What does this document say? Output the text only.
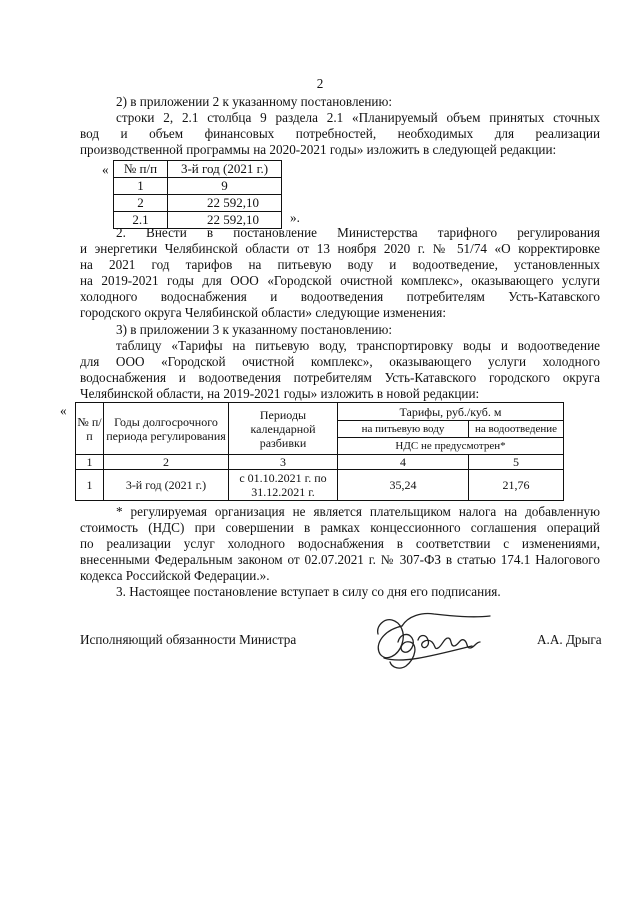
2
2) в приложении 2 к указанному постановлению:
строки 2, 2.1 столбца 9 раздела 2.1 «Планируемый объем принятых сточных
вод и объем финансовых потребностей, необходимых для реализации
производственной программы на 2020-2021 годы» изложить в следующей редакции:
« № п/п	3-й год (2021 г.)
1	9
2	22 592,10
2.1	22 592,10 ».
2. Внести в постановление Министерства тарифного регулирования
и энергетики Челябинской области от 13 ноября 2020 г. № 51/74 «О корректировке
на 2021 год тарифов на питьевую воду и водоотведение, установленных
на 2019-2021 годы для ООО «Городской очистной комплекс», оказывающего услуги
холодного водоснабжения и водоотведения потребителям Усть-Катавского
городского округа Челябинской области» следующие изменения:
3) в приложении 3 к указанному постановлению:
таблицу «Тарифы на питьевую воду, транспортировку воды и водоотведение
для ООО «Городской очистной комплекс», оказывающего услуги холодного
водоснабжения и водоотведения потребителям Усть-Катавского городского округа
Челябинской области, на 2019-2021 годы» изложить в новой редакции:
«
№ п/п	Годы долгосрочного периода регулирования	Периоды календарной разбивки	Тарифы, руб./куб. м	
			на питьевую воду	на водоотведение
			НДС не предусмотрен*	
1	2	3	4	5
1	3-й год (2021 г.)	с 01.10.2021 г. по 31.12.2021 г.	35,24	21,76
* регулируемая организация не является плательщиком налога на добавленную
стоимость (НДС) при совершении в рамках концессионного соглашения операций
по реализации услуг холодного водоснабжения в соответствии с изменениями,
внесенными Федеральным законом от 02.07.2021 г. № 307-ФЗ в статью 174.1 Налогового
кодекса Российской Федерации.».
3. Настоящее постановление вступает в силу со дня его подписания.
Исполняющий обязанности Министра	А.А. Дрыга
